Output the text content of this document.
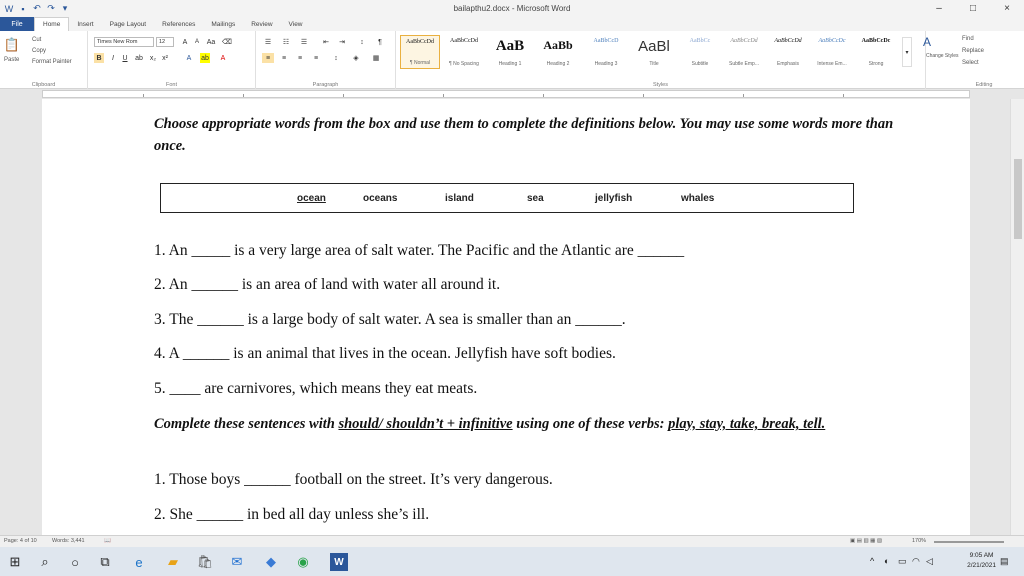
W ▪ ↶ ↷ ▾	bailapthu2.docx - Microsoft Word	–	□	×
File	Home	Insert	Page Layout	References	Mailings	Review	View
📋
Paste
Cut
Copy
Format Painter
Clipboard
Times New Rom	12	A	A	Aa ⌫
B	I	U	ab x₂ x²	A	ab	A
Font
☰	☷	☰	⇤	⇥	↕	¶
≡	≡	≡	≡	↕	◈	▦
Paragraph
AaBbCcDd
¶ Normal
AaBbCcDd
¶ No Spacing
AaB
Heading 1
AaBb
Heading 2
AaBbCcD
Heading 3
AaBl
Title
AaBbCc
Subtitle
AaBbCcDd
Subtle Emp...
AaBbCcDd
Emphasis
AaBbCcDc
Intense Em...
AaBbCcDc
Strong
▾
A
Styles
Change Styles
Find
Replace
Select
Editing
Choose appropriate words from the box and use them to complete the definitions below. You may use some words more than once.
ocean	oceans	island	sea	jellyfish	whales
1. An _____ is a very large area of salt water. The Pacific and the Atlantic are ______
2. An ______ is an area of land with water all around it.
3. The ______ is a large body of salt water. A sea is smaller than an ______.
4. A ______ is an animal that lives in the ocean. Jellyfish have soft bodies.
5. ____ are carnivores, which means they eat meats.
Complete these sentences with should/ shouldn’t + infinitive using one of these verbs: play, stay, take, break, tell.
1. Those boys ______ football on the street. It’s very dangerous.
2. She ______ in bed all day unless she’s ill.
Page: 4 of 10	Words: 3,441	📖	▣ ▤ ▥ ▦ ▧	170%
⊞	⌕	○	⧉	e	▰	🛍 ✉	◆	◉	W	^ ◐ ▭ ◠ ◁
9:05 AM
2/21/2021 ▤
